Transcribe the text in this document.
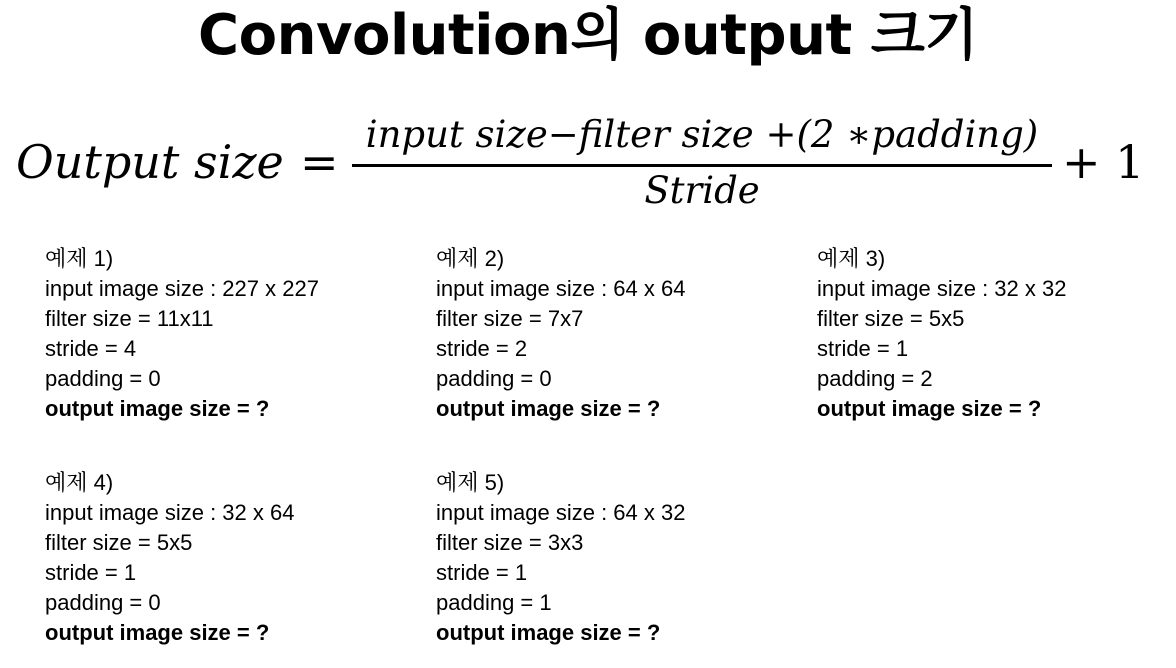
Convolution의 output 크기
Output size =
input size−filter size +(2 ∗padding)
Stride
+ 1
예제 1)
input image size : 227 x 227
filter size = 11x11
stride = 4
padding = 0
output image size = ?
예제 2)
input image size : 64 x 64
filter size = 7x7
stride = 2
padding = 0
output image size = ?
예제 3)
input image size : 32 x 32
filter size = 5x5
stride = 1
padding = 2
output image size = ?
예제 4)
input image size : 32 x 64
filter size = 5x5
stride = 1
padding = 0
output image size = ?
예제 5)
input image size : 64 x 32
filter size = 3x3
stride = 1
padding = 1
output image size = ?
